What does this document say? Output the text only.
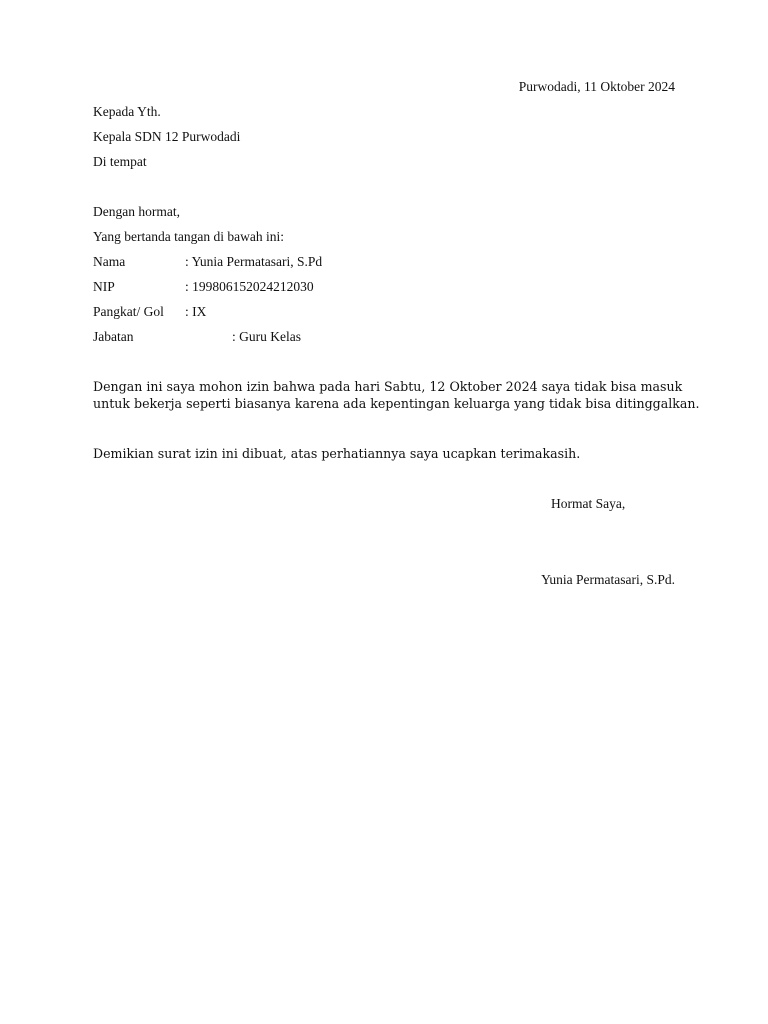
Purwodadi, 11 Oktober 2024
Kepada Yth.
Kepala SDN 12 Purwodadi
Di tempat
Dengan hormat,
Yang bertanda tangan di bawah ini:
Nama	: Yunia Permatasari, S.Pd
NIP	: 199806152024212030
Pangkat/ Gol : IX
Jabatan	: Guru Kelas
Dengan ini saya mohon izin bahwa pada hari Sabtu, 12 Oktober 2024 saya tidak bisa masuk
untuk bekerja seperti biasanya karena ada kepentingan keluarga yang tidak bisa ditinggalkan.
Demikian surat izin ini dibuat, atas perhatiannya saya ucapkan terimakasih.
Hormat Saya,
Yunia Permatasari, S.Pd.
